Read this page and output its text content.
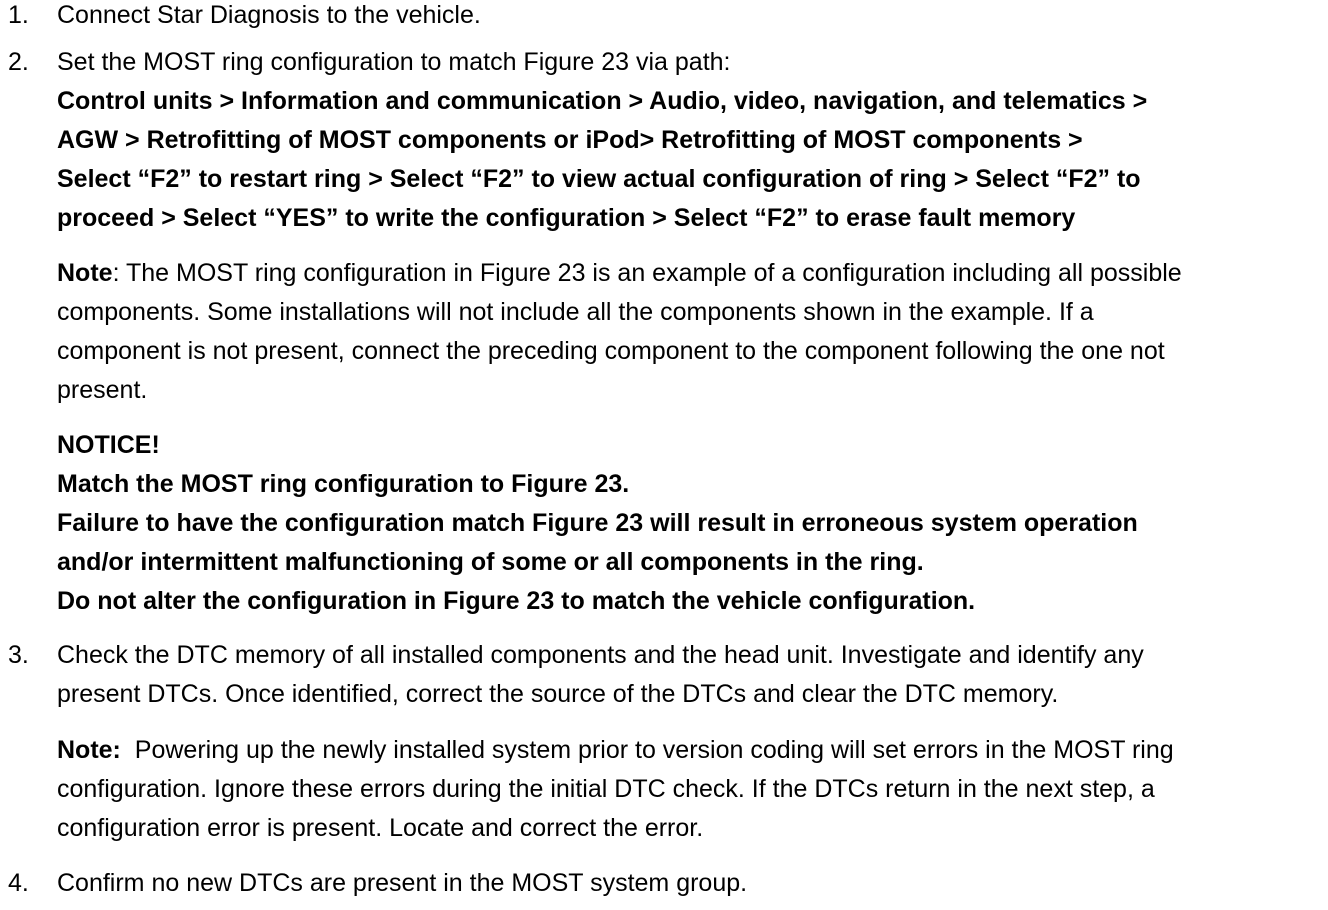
1.	Connect Star Diagnosis to the vehicle.
2.	Set the MOST ring configuration to match Figure 23 via path:
Control units > Information and communication > Audio, video, navigation, and telematics >
AGW > Retrofitting of MOST components or iPod> Retrofitting of MOST components >
Select “F2” to restart ring > Select “F2” to view actual configuration of ring > Select “F2” to
proceed > Select “YES” to write the configuration > Select “F2” to erase fault memory
Note: The MOST ring configuration in Figure 23 is an example of a configuration including all possible
components. Some installations will not include all the components shown in the example. If a
component is not present, connect the preceding component to the component following the one not
present.
NOTICE!
Match the MOST ring configuration to Figure 23.
Failure to have the configuration match Figure 23 will result in erroneous system operation
and/or intermittent malfunctioning of some or all components in the ring.
Do not alter the configuration in Figure 23 to match the vehicle configuration.
3.	Check the DTC memory of all installed components and the head unit. Investigate and identify any
present DTCs. Once identified, correct the source of the DTCs and clear the DTC memory.
Note:  Powering up the newly installed system prior to version coding will set errors in the MOST ring
configuration. Ignore these errors during the initial DTC check. If the DTCs return in the next step, a
configuration error is present. Locate and correct the error.
4.	Confirm no new DTCs are present in the MOST system group.
